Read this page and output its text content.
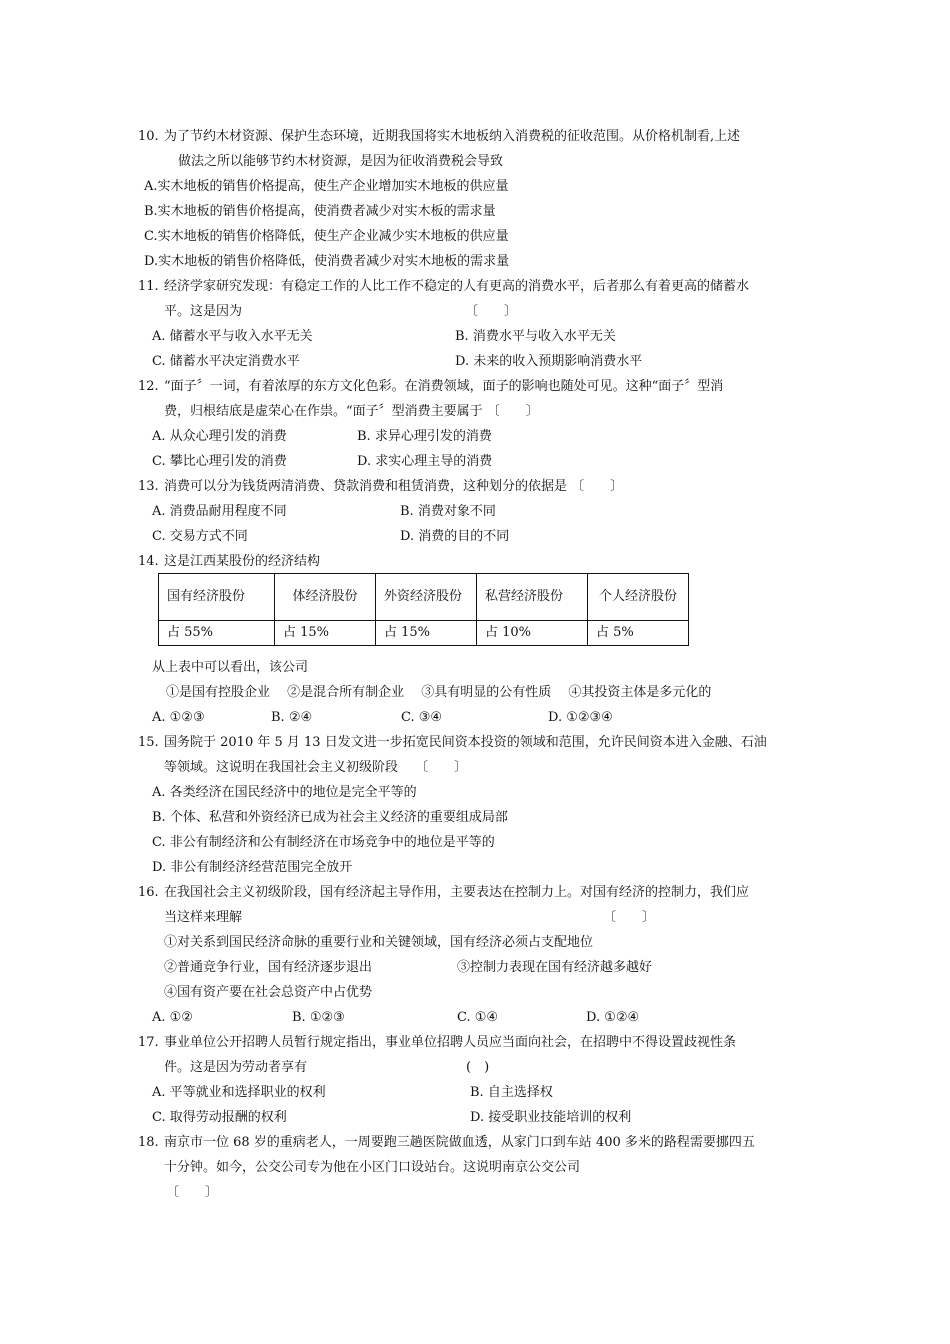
10. 为了节约木材资源、保护生态环境，近期我国将实木地板纳入消费税的征收范围。从价格机制看,上述
做法之所以能够节约木材资源，是因为征收消费税会导致
A.实木地板的销售价格提高，使生产企业增加实木地板的供应量
B.实木地板的销售价格提高，使消费者减少对实木板的需求量
C.实木地板的销售价格降低，使生产企业减少实木地板的供应量
D.实木地板的销售价格降低，使消费者减少对实木地板的需求量
11. 经济学家研究发现：有稳定工作的人比工作不稳定的人有更高的消费水平，后者那么有着更高的储蓄水
平。这是因为	〔　　〕
A. 储蓄水平与收入水平无关	B. 消费水平与收入水平无关
C. 储蓄水平决定消费水平	D. 未来的收入预期影响消费水平
12. “面子〞一词，有着浓厚的东方文化色彩。在消费领域，面子的影响也随处可见。这种“面子〞型消
费，归根结底是虚荣心在作祟。“面子〞型消费主要属于 〔　　〕
A. 从众心理引发的消费	B. 求异心理引发的消费
C. 攀比心理引发的消费	D. 求实心理主导的消费
13. 消费可以分为钱货两清消费、贷款消费和租赁消费，这种划分的依据是 〔　　〕
A. 消费品耐用程度不同	B. 消费对象不同
C. 交易方式不同	D. 消费的目的不同
14. 这是江西某股份的经济结构
国有经济股份	体经济股份	外资经济股份	私营经济股份	个人经济股份
占 55%	占 15%	占 15%	占 10%	占 5%
从上表中可以看出，该公司
①是国有控股企业　 ②是混合所有制企业　 ③具有明显的公有性质　 ④其投资主体是多元化的
A. ①②③	B. ②④	C. ③④	D. ①②③④
15. 国务院于 2010 年 5 月 13 日发文进一步拓宽民间资本投资的领域和范围，允许民间资本进入金融、石油
等领域。这说明在我国社会主义初级阶段　 〔　　〕
A. 各类经济在国民经济中的地位是完全平等的
B. 个体、私营和外资经济已成为社会主义经济的重要组成局部
C. 非公有制经济和公有制经济在市场竞争中的地位是平等的
D. 非公有制经济经营范围完全放开
16. 在我国社会主义初级阶段，国有经济起主导作用，主要表达在控制力上。对国有经济的控制力，我们应
当这样来理解	〔　　〕
①对关系到国民经济命脉的重要行业和关键领域，国有经济必须占支配地位
②普通竞争行业，国有经济逐步退出	③控制力表现在国有经济越多越好
④国有资产要在社会总资产中占优势
A. ①②	B. ①②③	C. ①④	D. ①②④
17. 事业单位公开招聘人员暂行规定指出，事业单位招聘人员应当面向社会，在招聘中不得设置歧视性条
件。这是因为劳动者享有	(　)
A. 平等就业和选择职业的权利	B. 自主选择权
C. 取得劳动报酬的权利	D. 接受职业技能培训的权利
18. 南京市一位 68 岁的重病老人，一周要跑三趟医院做血透，从家门口到车站 400 多米的路程需要挪四五
十分钟。如今，公交公司专为他在小区门口设站台。这说明南京公交公司
〔　　〕
